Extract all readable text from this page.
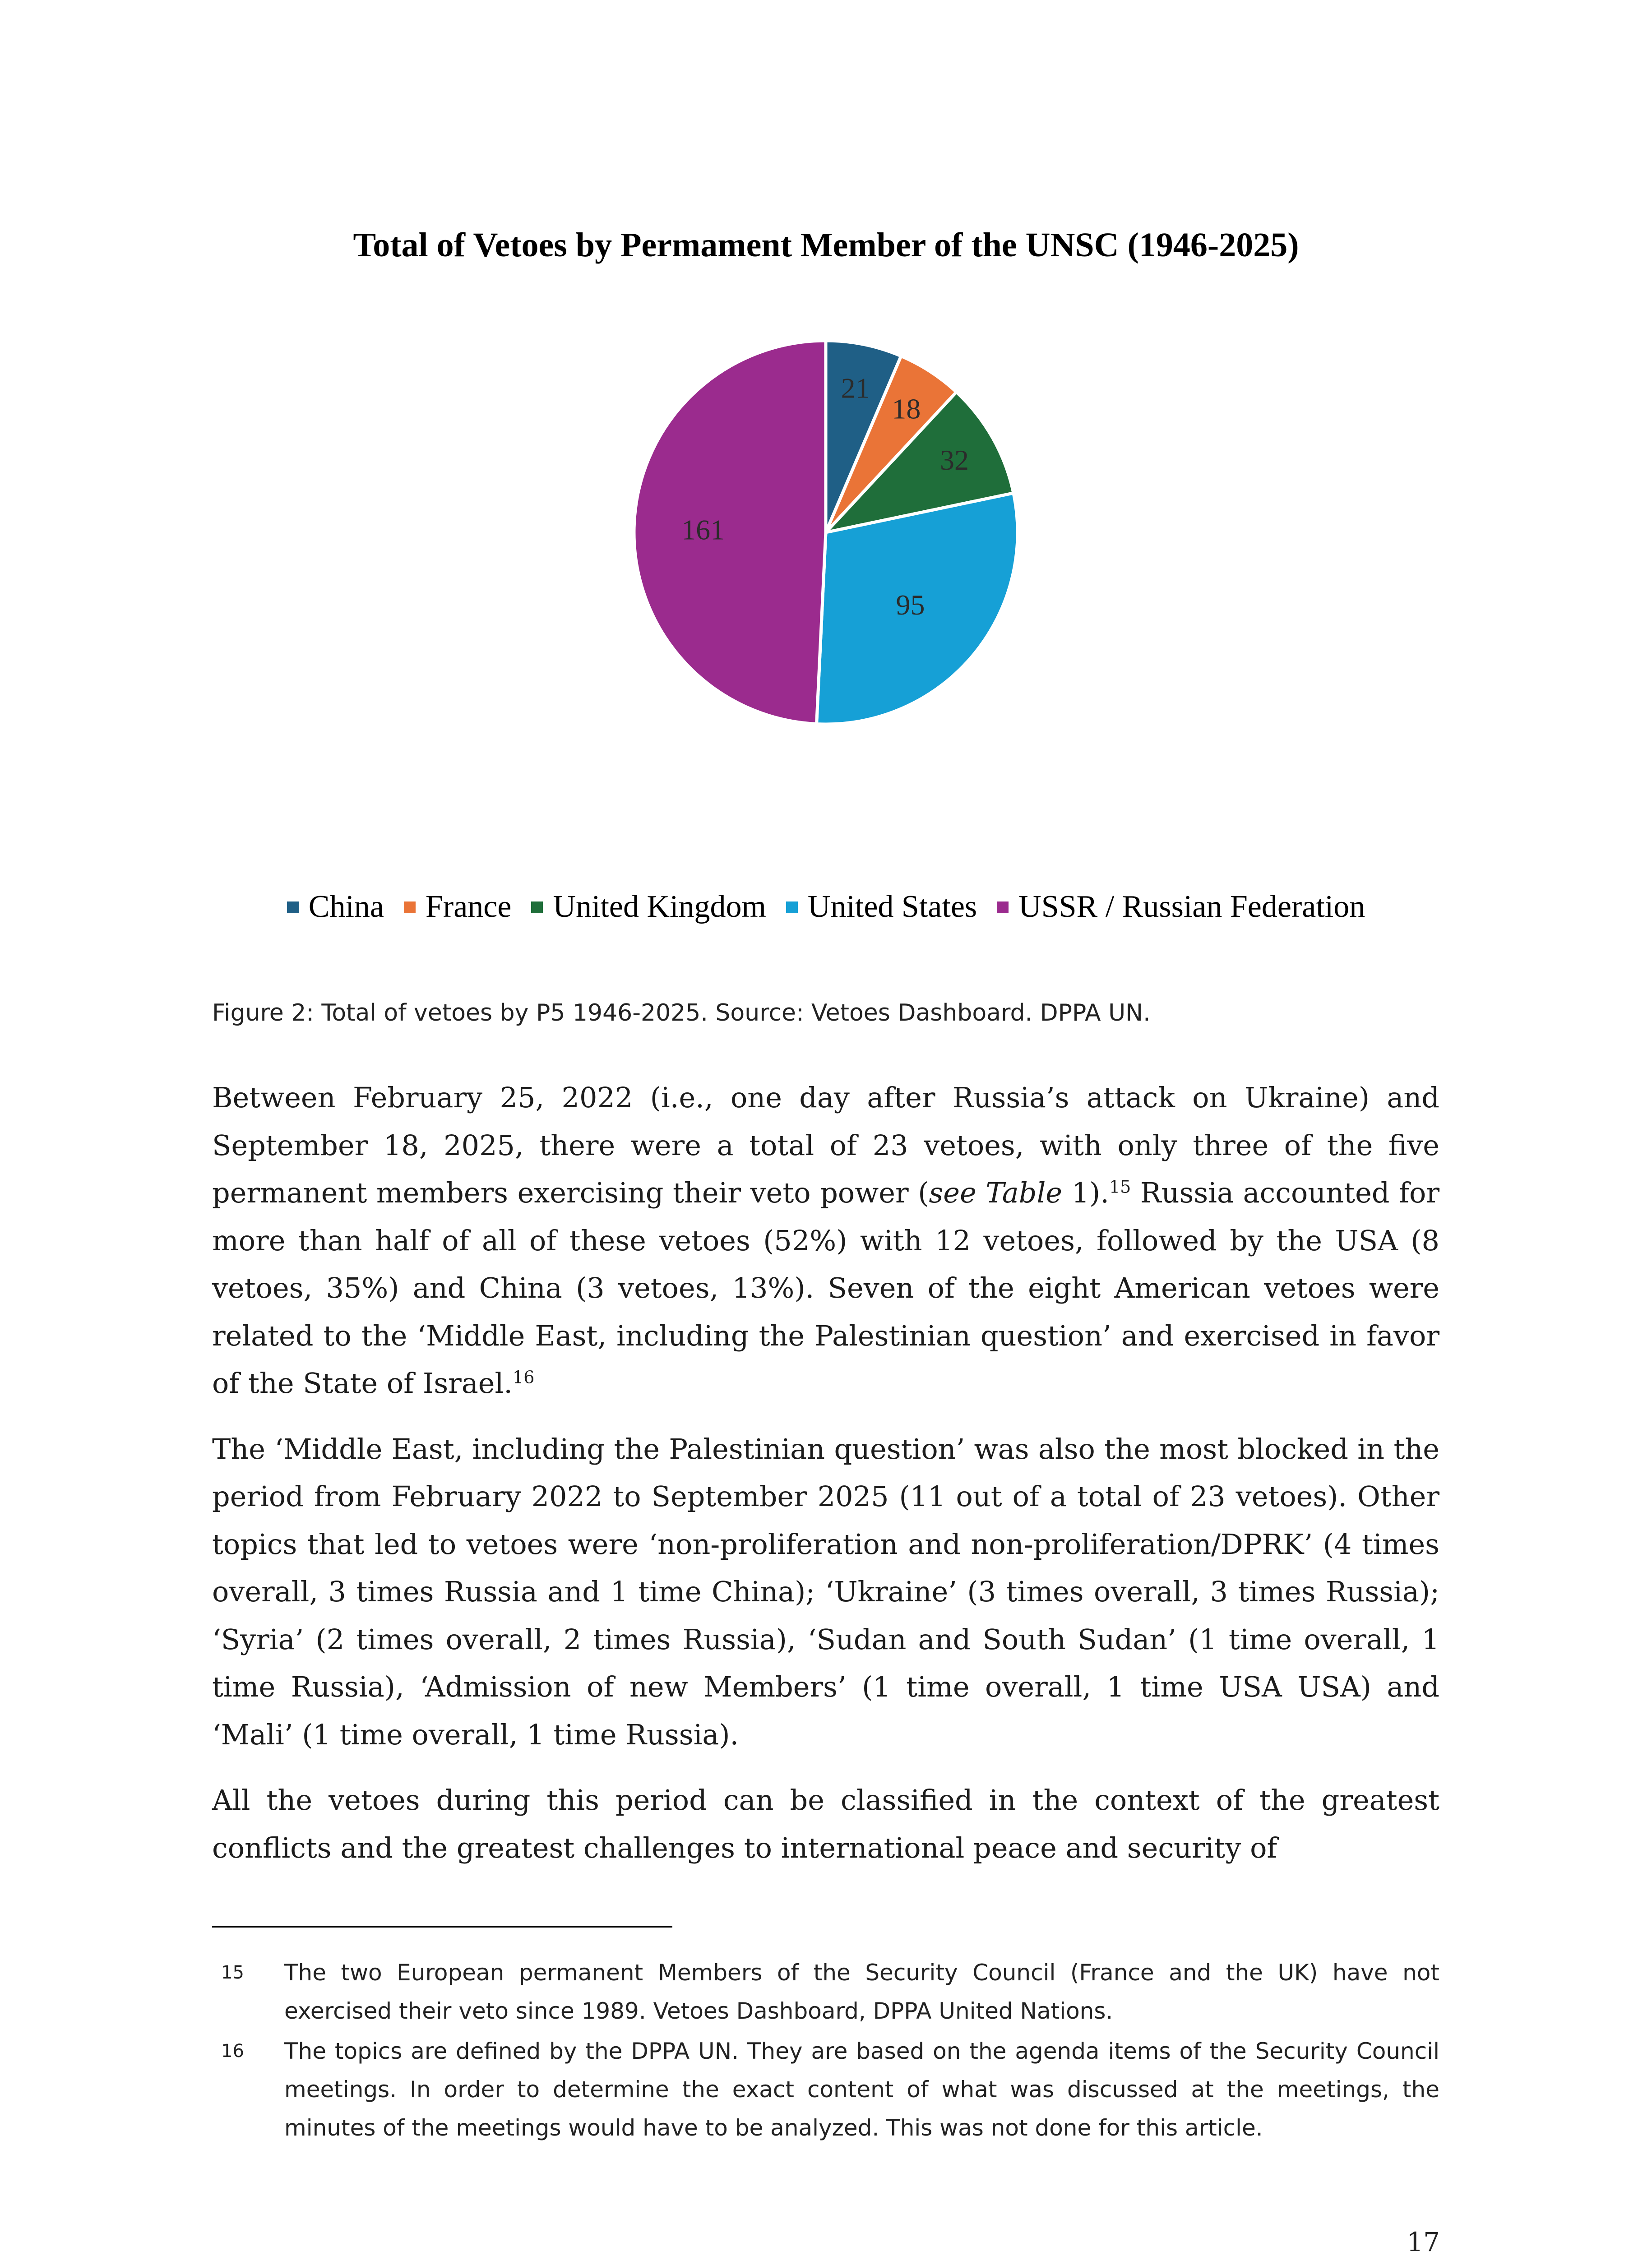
Total of Vetoes by Permament Member of the UNSC (1946-2025)
21
18
32
95
161
China France United Kingdom United States USSR / Russian Federation
Figure 2: Total of vetoes by P5 1946-2025. Source: Vetoes Dashboard. DPPA UN.

Between February 25, 2022 (i.e., one day after Russia’s attack on Ukraine) and September 18, 2025, there were a total of 23 vetoes, with only three of the five permanent members exercising their veto power (see Table 1).$^{15}$ Russia accounted for more than half of all of these vetoes (52%) with 12 vetoes, followed by the USA (8 vetoes, 35%) and China (3 vetoes, 13%). Seven of the eight American vetoes were related to the ‘Middle East, including the Palestinian question’ and exercised in favor of the State of Israel.$^{16}$

The ‘Middle East, including the Palestinian question’ was also the most blocked in the period from February 2022 to September 2025 (11 out of a total of 23 vetoes). Other topics that led to vetoes were ‘non-proliferation and non-proliferation/DPRK’ (4 times overall, 3 times Russia and 1 time China); ‘Ukraine’ (3 times overall, 3 times Russia); ‘Syria’ (2 times overall, 2 times Russia), ‘Sudan and South Sudan’ (1 time overall, 1 time Russia), ‘Admission of new Members’ (1 time overall, 1 time USA USA) and ‘Mali’ (1 time overall, 1 time Russia).

All the vetoes during this period can be classified in the context of the greatest conflicts and the greatest challenges to international peace and security of

15 The two European permanent Members of the Security Council (France and the UK) have not exercised their veto since 1989. Vetoes Dashboard, DPPA United Nations.
16 The topics are defined by the DPPA UN. They are based on the agenda items of the Security Council meetings. In order to determine the exact content of what was discussed at the meetings, the minutes of the meetings would have to be analyzed. This was not done for this article.
17
